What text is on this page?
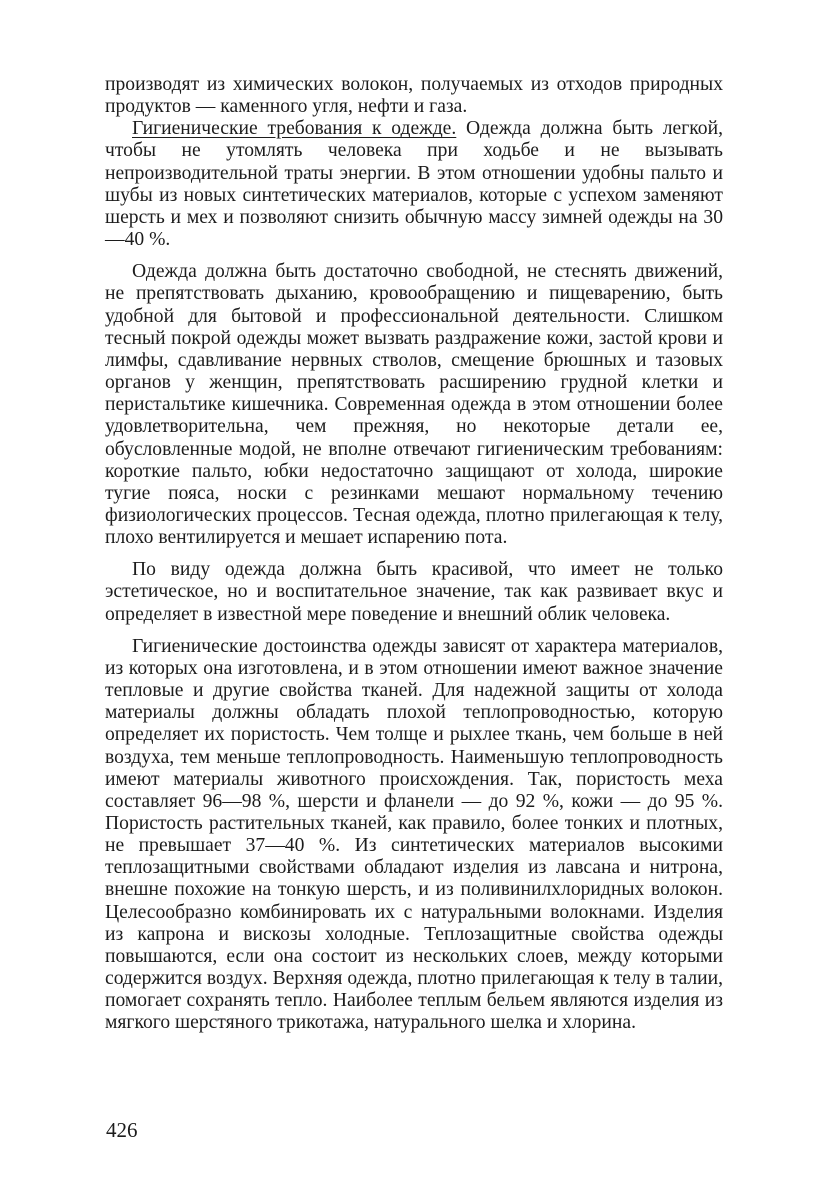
производят из химических волокон, получаемых из отходов природных продуктов — каменного угля, нефти и газа.

Гигиенические требования к одежде. Одежда должна быть легкой, чтобы не утомлять человека при ходьбе и не вызывать непроизводительной траты энергии. В этом отношении удобны пальто и шубы из новых синтетических материалов, которые с успехом заменяют шерсть и мех и позволяют снизить обычную массу зимней одежды на 30—40 %.

Одежда должна быть достаточно свободной, не стеснять движений, не препятствовать дыханию, кровообращению и пищеварению, быть удобной для бытовой и профессиональной деятельности. Слишком тесный покрой одежды может вызвать раздражение кожи, застой крови и лимфы, сдавливание нервных стволов, смещение брюшных и тазовых органов у женщин, препятствовать расширению грудной клетки и перистальтике кишечника. Современная одежда в этом отношении более удовлетворительна, чем прежняя, но некоторые детали ее, обусловленные модой, не вполне отвечают гигиеническим требованиям: короткие пальто, юбки недостаточно защищают от холода, широкие тугие пояса, носки с резинками мешают нормальному течению физиологических процессов. Тесная одежда, плотно прилегающая к телу, плохо вентилируется и мешает испарению пота.

По виду одежда должна быть красивой, что имеет не только эстетическое, но и воспитательное значение, так как развивает вкус и определяет в известной мере поведение и внешний облик человека.

Гигиенические достоинства одежды зависят от характера материалов, из которых она изготовлена, и в этом отношении имеют важное значение тепловые и другие свойства тканей. Для надежной защиты от холода материалы должны обладать плохой теплопроводностью, которую определяет их пористость. Чем толще и рыхлее ткань, чем больше в ней воздуха, тем меньше теплопроводность. Наименьшую теплопроводность имеют материалы животного происхождения. Так, пористость меха составляет 96—98 %, шерсти и фланели — до 92 %, кожи — до 95 %. Пористость растительных тканей, как правило, более тонких и плотных, не превышает 37—40 %. Из синтетических материалов высокими теплозащитными свойствами обладают изделия из лавсана и нитрона, внешне похожие на тонкую шерсть, и из поливинилхлоридных волокон. Целесообразно комбинировать их с натуральными волокнами. Изделия из капрона и вискозы холодные. Теплозащитные свойства одежды повышаются, если она состоит из нескольких слоев, между которыми содержится воздух. Верхняя одежда, плотно прилегающая к телу в талии, помогает сохранять тепло. Наиболее теплым бельем являются изделия из мягкого шерстяного трикотажа, натурального шелка и хлорина.

426
